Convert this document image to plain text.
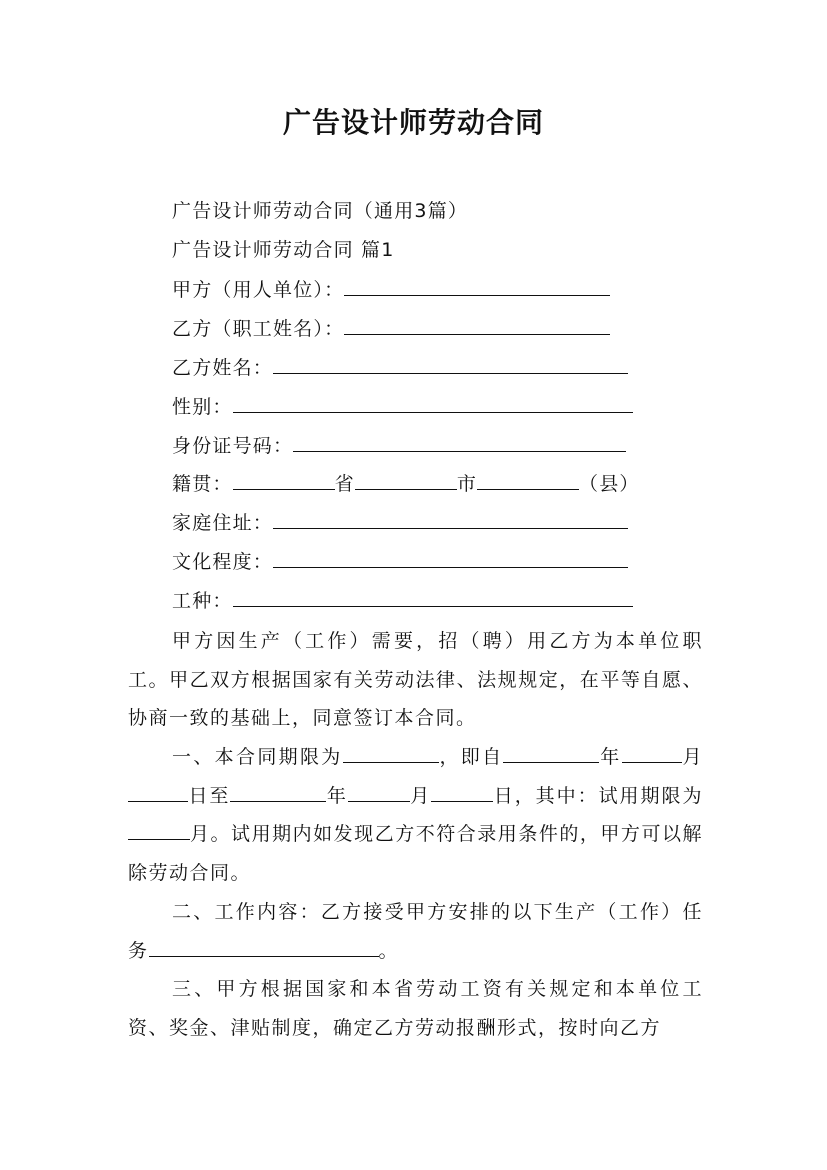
广告设计师劳动合同
广告设计师劳动合同（通用3篇）
广告设计师劳动合同 篇1
甲方（用人单位）：
乙方（职工姓名）：
乙方姓名：
性别：
身份证号码：
籍贯：	省	市	（县）
家庭住址：
文化程度：
工种：
甲方因生产（工作）需要，招（聘）用乙方为本单位职工。甲乙双方根据国家有关劳动法律、法规规定，在平等自愿、协商一致的基础上，同意签订本合同。
一、本合同期限为	，即自	年	月日至	年	月	日，其中：试用期限为月。试用期内如发现乙方不符合录用条件的，甲方可以解除劳动合同。
二、工作内容：乙方接受甲方安排的以下生产（工作）任务	。
三、甲方根据国家和本省劳动工资有关规定和本单位工资、奖金、津贴制度，确定乙方劳动报酬形式，按时向乙方
